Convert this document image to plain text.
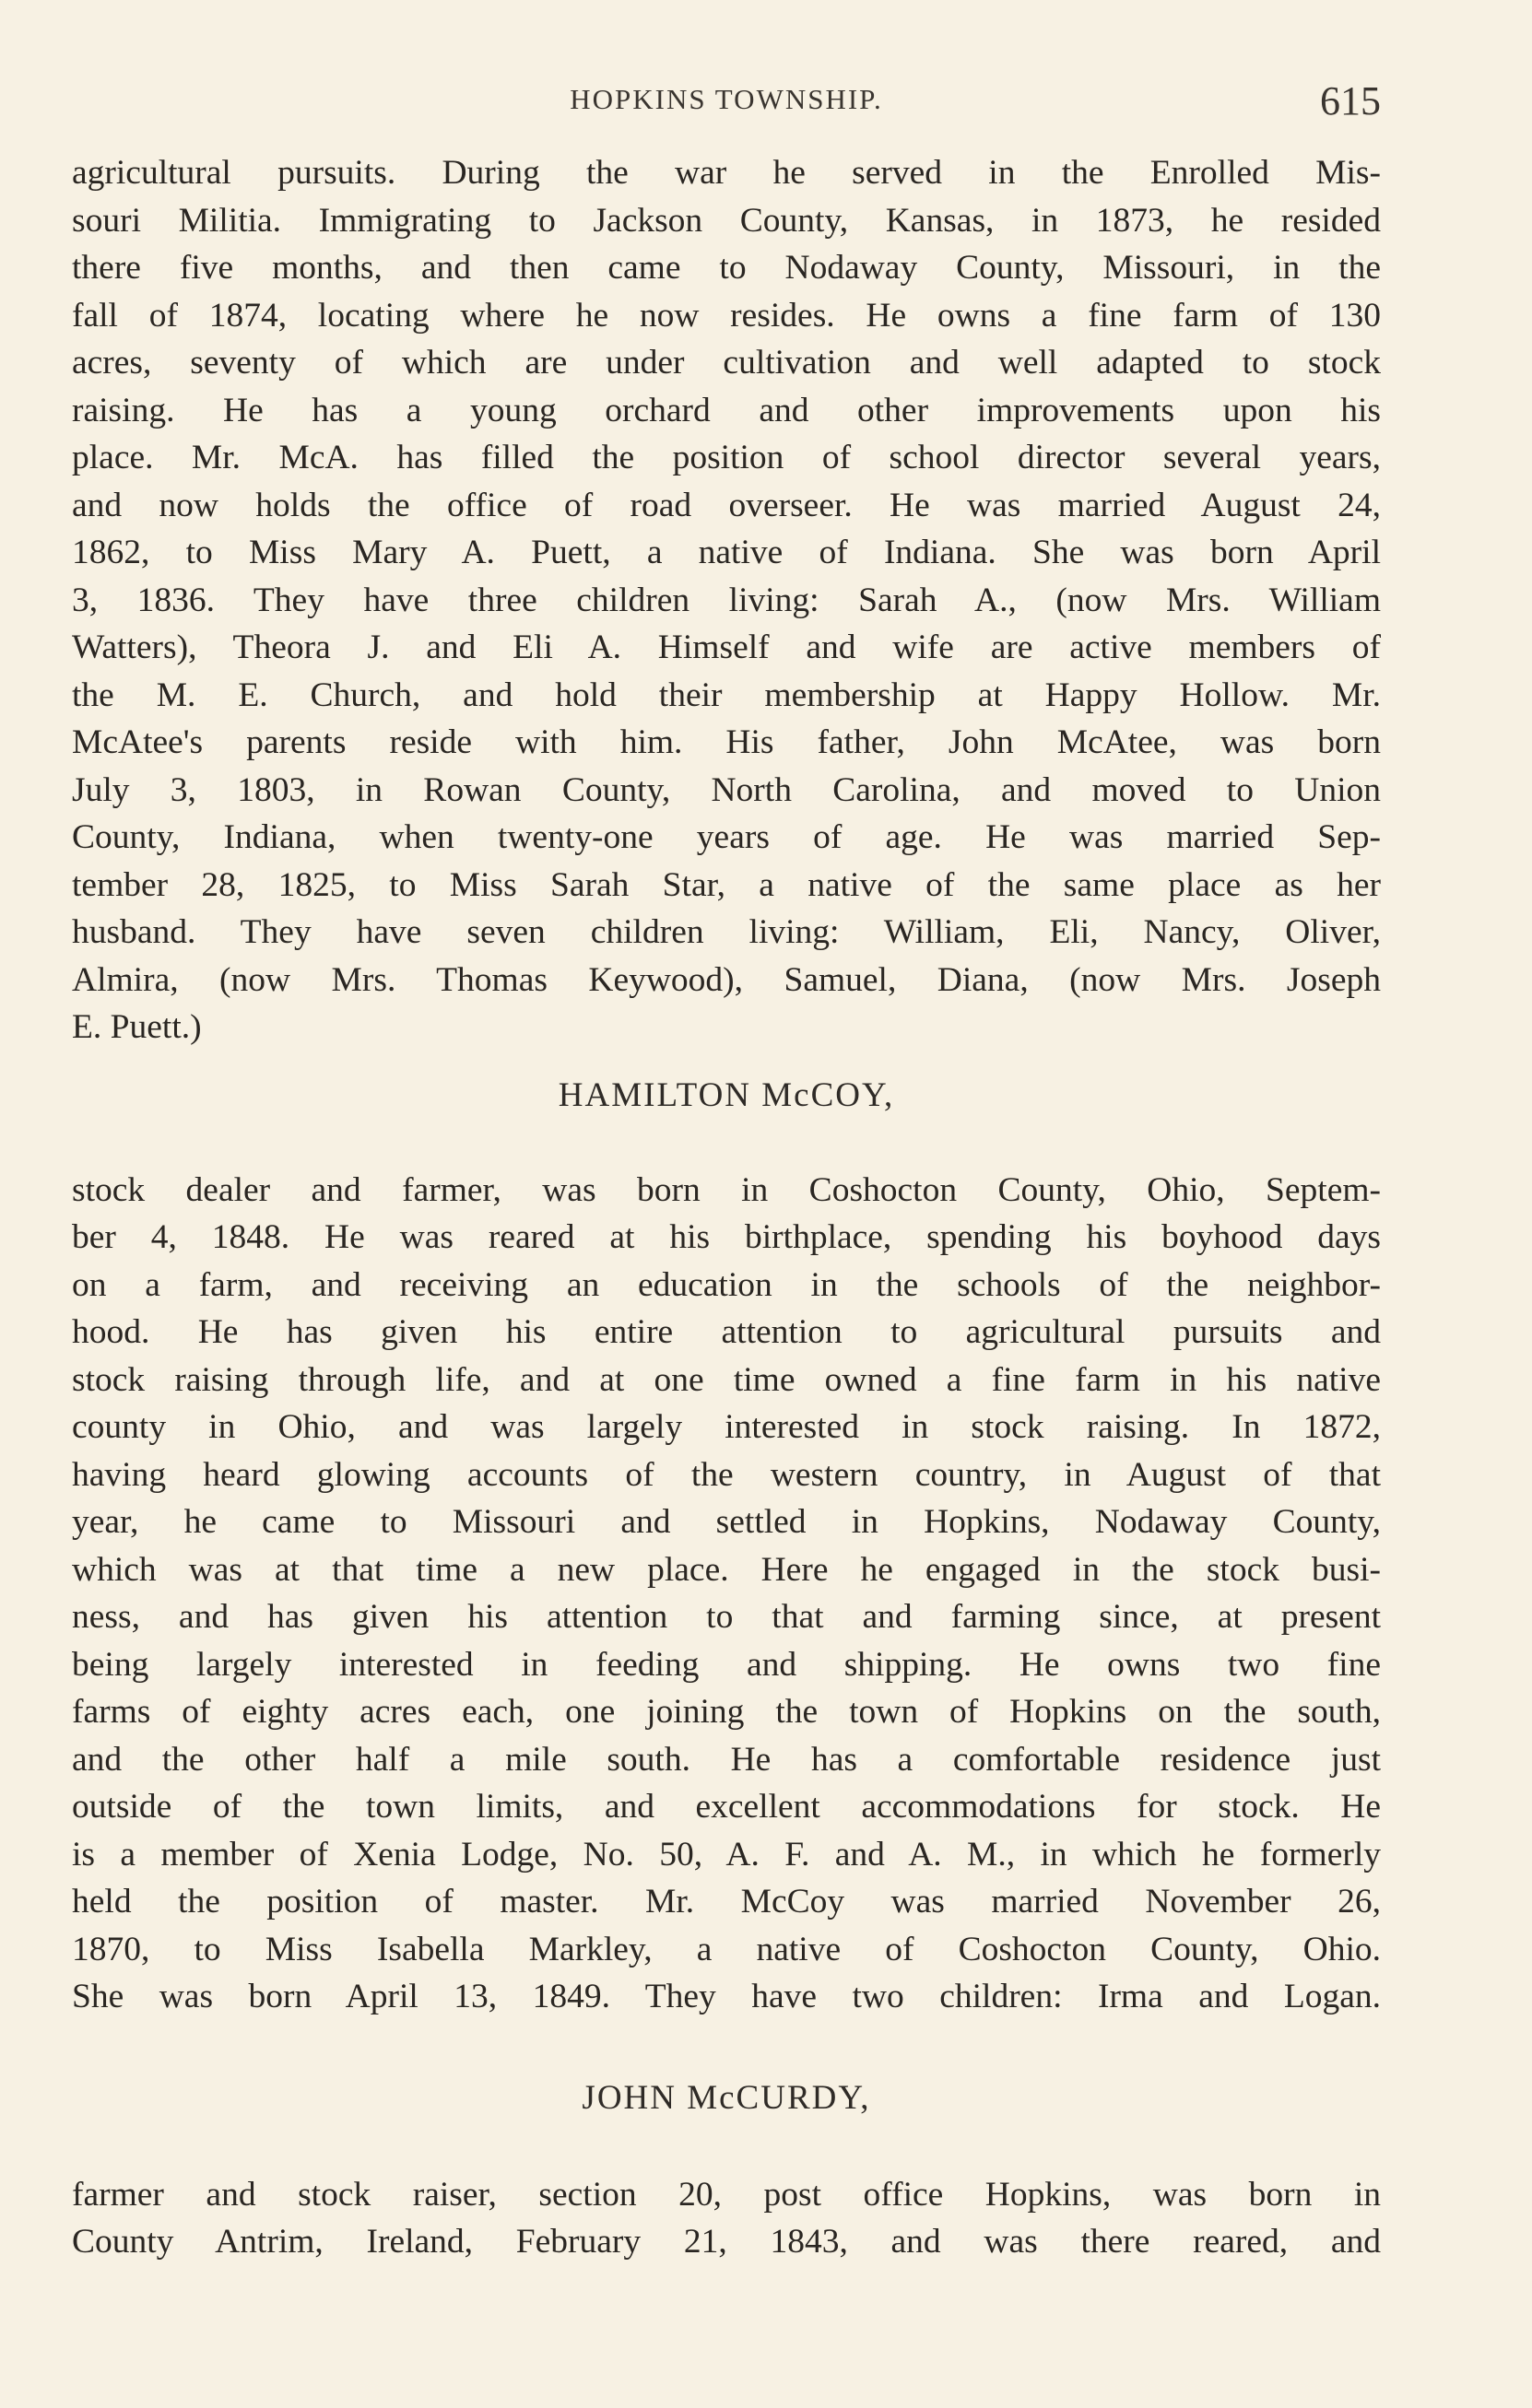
HOPKINS TOWNSHIP.	615
agricultural pursuits. During the war he served in the Enrolled Mis-
souri Militia. Immigrating to Jackson County, Kansas, in 1873, he resided
there five months, and then came to Nodaway County, Missouri, in the
fall of 1874, locating where he now resides. He owns a fine farm of 130
acres, seventy of which are under cultivation and well adapted to stock
raising. He has a young orchard and other improvements upon his
place. Mr. McA. has filled the position of school director several years,
and now holds the office of road overseer. He was married August 24,
1862, to Miss Mary A. Puett, a native of Indiana. She was born April
3, 1836. They have three children living: Sarah A., (now Mrs. William
Watters), Theora J. and Eli A. Himself and wife are active members of
the M. E. Church, and hold their membership at Happy Hollow. Mr.
McAtee's parents reside with him. His father, John McAtee, was born
July 3, 1803, in Rowan County, North Carolina, and moved to Union
County, Indiana, when twenty-one years of age. He was married Sep-
tember 28, 1825, to Miss Sarah Star, a native of the same place as her
husband. They have seven children living: William, Eli, Nancy, Oliver,
Almira, (now Mrs. Thomas Keywood), Samuel, Diana, (now Mrs. Joseph
E. Puett.)
HAMILTON McCOY,
stock dealer and farmer, was born in Coshocton County, Ohio, Septem-
ber 4, 1848. He was reared at his birthplace, spending his boyhood days
on a farm, and receiving an education in the schools of the neighbor-
hood. He has given his entire attention to agricultural pursuits and
stock raising through life, and at one time owned a fine farm in his native
county in Ohio, and was largely interested in stock raising. In 1872,
having heard glowing accounts of the western country, in August of that
year, he came to Missouri and settled in Hopkins, Nodaway County,
which was at that time a new place. Here he engaged in the stock busi-
ness, and has given his attention to that and farming since, at present
being largely interested in feeding and shipping. He owns two fine
farms of eighty acres each, one joining the town of Hopkins on the south,
and the other half a mile south. He has a comfortable residence just
outside of the town limits, and excellent accommodations for stock. He
is a member of Xenia Lodge, No. 50, A. F. and A. M., in which he formerly
held the position of master. Mr. McCoy was married November 26,
1870, to Miss Isabella Markley, a native of Coshocton County, Ohio.
She was born April 13, 1849. They have two children: Irma and Logan.
JOHN McCURDY,
farmer and stock raiser, section 20, post office Hopkins, was born in
County Antrim, Ireland, February 21, 1843, and was there reared, and
